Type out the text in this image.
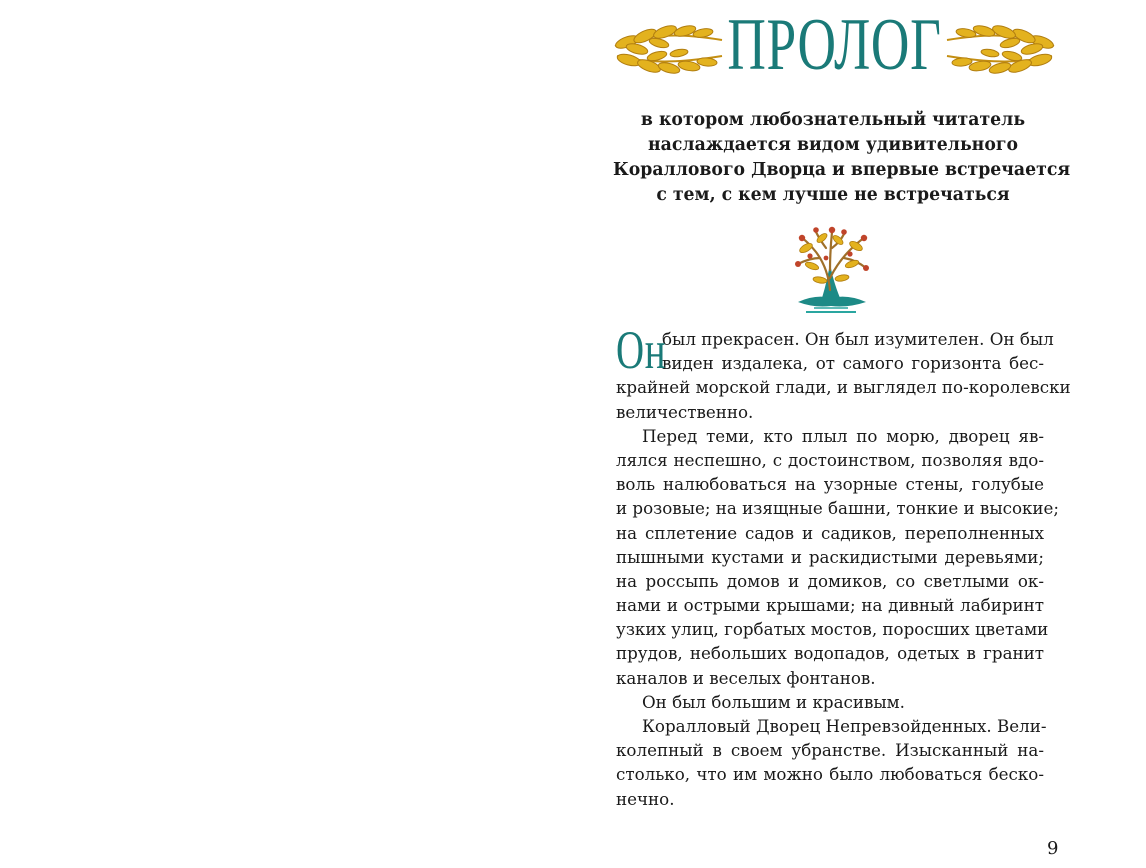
ПРОЛОГ
в котором любознательный читатель
наслаждается видом удивительного
Кораллового Дворца и впервые встречается
с тем, с кем лучше не встречаться
Он
был прекрасен. Он был изумителен. Он был
виден издалека, от самого горизонта бес-
крайней морской глади, и выглядел по-королевски
величественно.
Перед теми, кто плыл по морю, дворец яв-
лялся неспешно, с достоинством, позволяя вдо-
воль налюбоваться на узорные стены, голубые
и розовые; на изящные башни, тонкие и высокие;
на сплетение садов и садиков, переполненных
пышными кустами и раскидистыми деревьями;
на россыпь домов и домиков, со светлыми ок-
нами и острыми крышами; на дивный лабиринт
узких улиц, горбатых мостов, поросших цветами
прудов, небольших водопадов, одетых в гранит
каналов и веселых фонтанов.
Он был большим и красивым.
Коралловый Дворец Непревзойденных. Вели-
колепный в своем убранстве. Изысканный на-
столько, что им можно было любоваться беско-
нечно.
9
